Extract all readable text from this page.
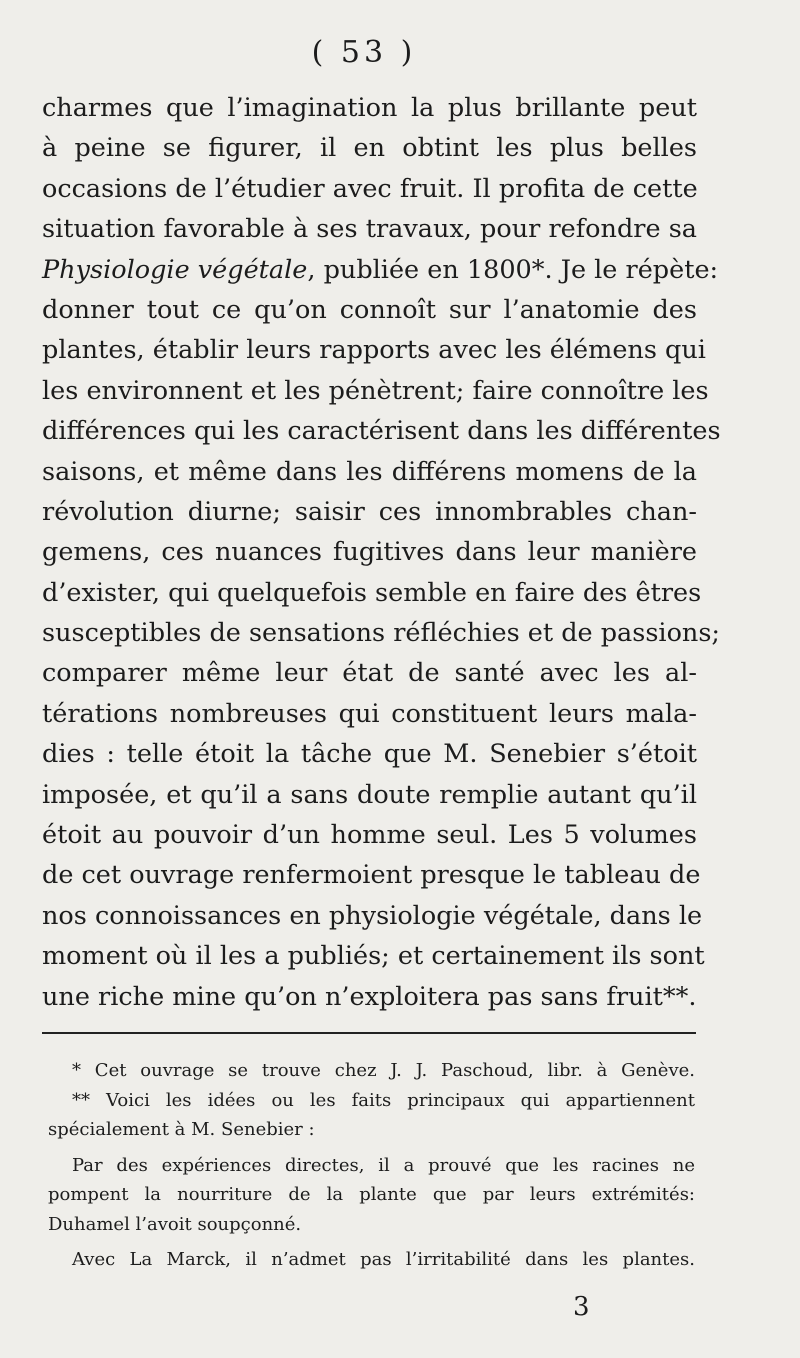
( 53 )
charmes que l’imagination la plus brillante peut
à peine se figurer, il en obtint les plus belles
occasions de l’étudier avec fruit. Il profita de cette
situation favorable à ses travaux, pour refondre sa
Physiologie végétale, publiée en 1800*. Je le répète:
donner tout ce qu’on connoît sur l’anatomie des
plantes, établir leurs rapports avec les élémens qui
les environnent et les pénètrent; faire connoître les
différences qui les caractérisent dans les différentes
saisons, et même dans les différens momens de la
révolution diurne; saisir ces innombrables chan-
gemens, ces nuances fugitives dans leur manière
d’exister, qui quelquefois semble en faire des êtres
susceptibles de sensations réfléchies et de passions;
comparer même leur état de santé avec les al-
térations nombreuses qui constituent leurs mala-
dies : telle étoit la tâche que M. Senebier s’étoit
imposée, et qu’il a sans doute remplie autant qu’il
étoit au pouvoir d’un homme seul. Les 5 volumes
de cet ouvrage renfermoient presque le tableau de
nos connoissances en physiologie végétale, dans le
moment où il les a publiés; et certainement ils sont
une riche mine qu’on n’exploitera pas sans fruit**.
* Cet ouvrage se trouve chez J. J. Paschoud, libr. à Genève.
** Voici les idées ou les faits principaux qui appartiennent
spécialement à M. Senebier :
Par des expériences directes, il a prouvé que les racines ne
pompent la nourriture de la plante que par leurs extrémités:
Duhamel l’avoit soupçonné.
Avec La Marck, il n’admet pas l’irritabilité dans les plantes.
3
